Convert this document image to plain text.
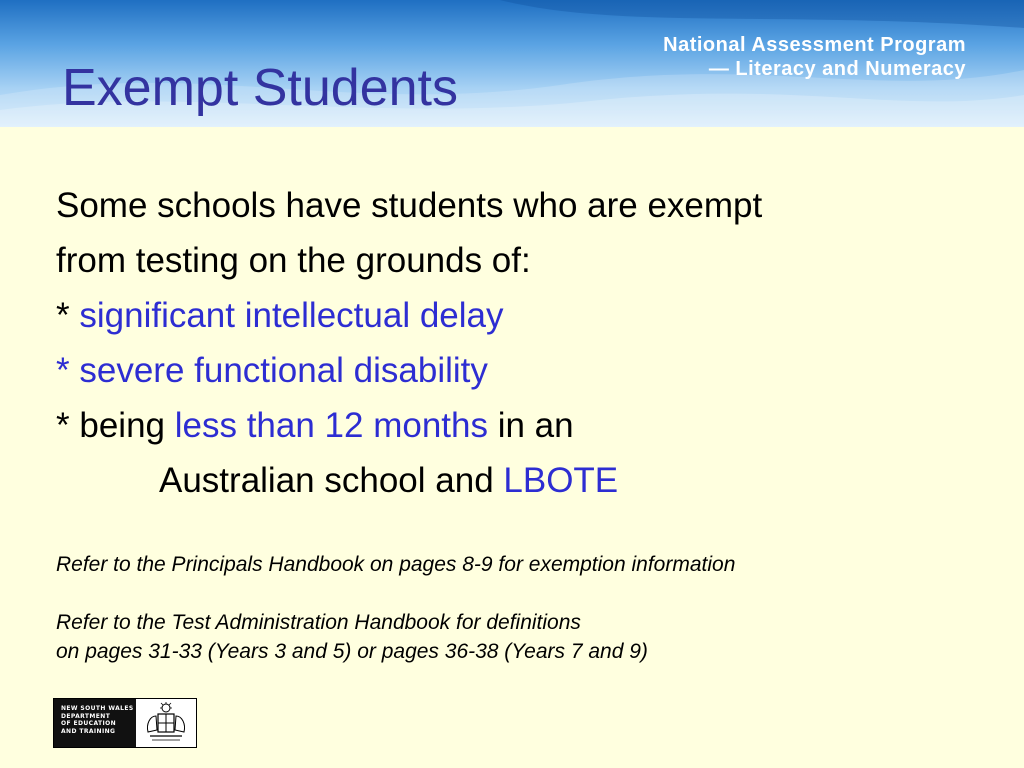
National Assessment Program
— Literacy and Numeracy
Exempt Students

Some schools have students who are exempt

from testing on the grounds of:

* significant intellectual delay

* severe functional disability

* being less than 12 months in an

Australian school and LBOTE

Refer to the Principals Handbook on pages 8-9 for exemption information
Refer to the Test Administration Handbook for definitions
on pages 31-33 (Years 3 and 5) or pages 36-38 (Years 7 and 9)
NEW SOUTH WALES
DEPARTMENT
OF EDUCATION
AND TRAINING
